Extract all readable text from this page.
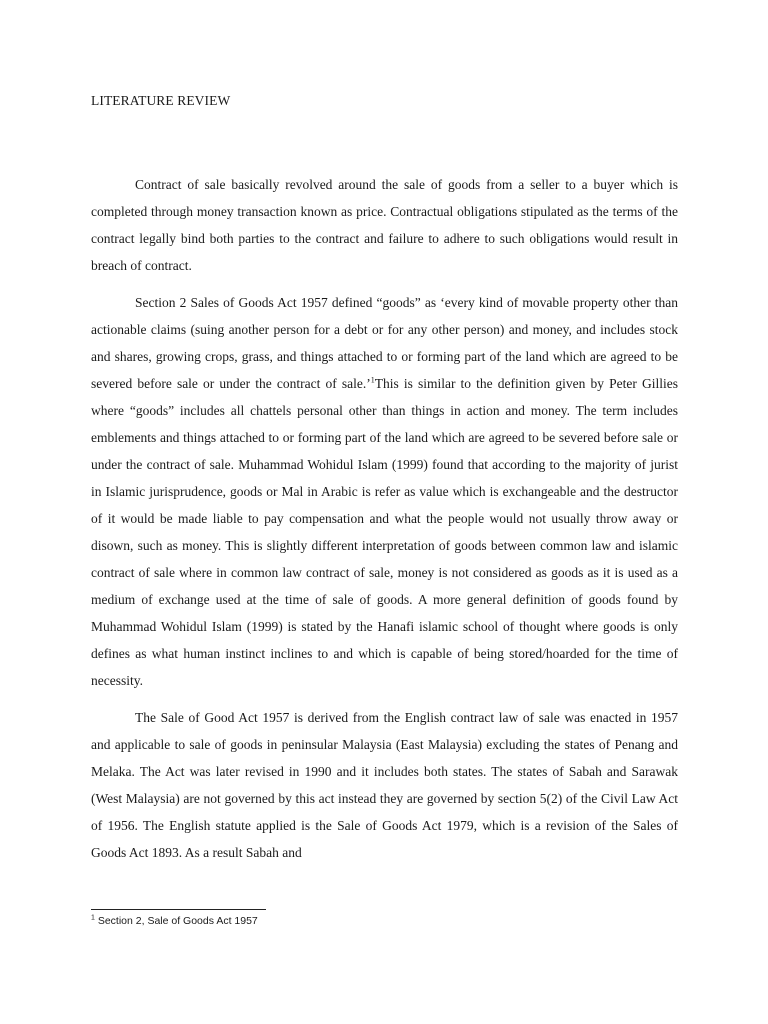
LITERATURE REVIEW

Contract of sale basically revolved around the sale of goods from a seller to a buyer which is completed through money transaction known as price. Contractual obligations stipulated as the terms of the contract legally bind both parties to the contract and failure to adhere to such obligations would result in breach of contract.

Section 2 Sales of Goods Act 1957 defined “goods” as ‘every kind of movable property other than actionable claims (suing another person for a debt or for any other person) and money, and includes stock and shares, growing crops, grass, and things attached to or forming part of the land which are agreed to be severed before sale or under the contract of sale.’$^1$This is similar to the definition given by Peter Gillies where “goods” includes all chattels personal other than things in action and money. The term includes emblements and things attached to or forming part of the land which are agreed to be severed before sale or under the contract of sale. Muhammad Wohidul Islam (1999) found that according to the majority of jurist in Islamic jurisprudence, goods or Mal in Arabic is refer as value which is exchangeable and the destructor of it would be made liable to pay compensation and what the people would not usually throw away or disown, such as money. This is slightly different interpretation of goods between common law and islamic contract of sale where in common law contract of sale, money is not considered as goods as it is used as a medium of exchange used at the time of sale of goods. A more general definition of goods found by Muhammad Wohidul Islam (1999) is stated by the Hanafi islamic school of thought where goods is only defines as what human instinct inclines to and which is capable of being stored/hoarded for the time of necessity.

The Sale of Good Act 1957 is derived from the English contract law of sale was enacted in 1957 and applicable to sale of goods in peninsular Malaysia (East Malaysia) excluding the states of Penang and Melaka. The Act was later revised in 1990 and it includes both states. The states of Sabah and Sarawak (West Malaysia) are not governed by this act instead they are governed by section 5(2) of the Civil Law Act of 1956. The English statute applied is the Sale of Goods Act 1979, which is a revision of the Sales of Goods Act 1893. As a result Sabah and

$^1$ Section 2, Sale of Goods Act 1957
